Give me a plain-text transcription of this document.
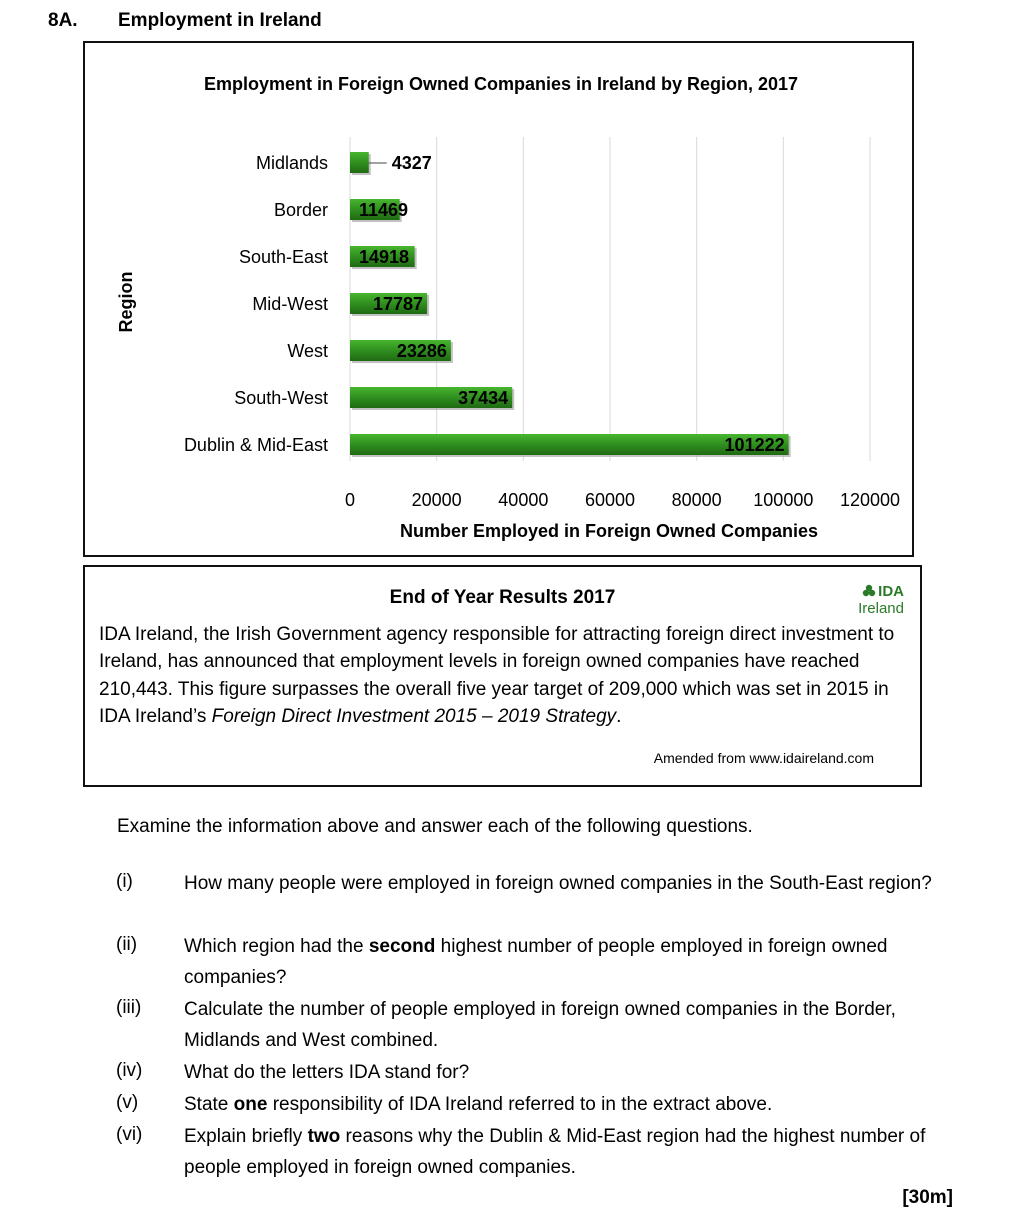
8A. Employment in Ireland
Employment in Foreign Owned Companies in Ireland by Region, 2017
Midlands	4327
Border 11469
South-East 14918
Mid-West	17787
West	23286
South-West	37434
Dublin & Mid-East	101222
0	20000 40000 60000 80000 100000 120000
Number Employed in Foreign Owned Companies
Region
End of Year Results 2017	IDA
Ireland
IDA Ireland, the Irish Government agency responsible for attracting foreign direct investment to Ireland, has announced that employment levels in foreign owned companies have reached 210,443. This figure surpasses the overall five year target of 209,000 which was set in 2015 in IDA Ireland’s Foreign Direct Investment 2015 – 2019 Strategy.
Amended from www.idaireland.com
Examine the information above and answer each of the following questions.
(i)	How many people were employed in foreign owned companies in the South-East region?
(ii) Which region had the second highest number of people employed in foreign owned companies?
(iii) Calculate the number of people employed in foreign owned companies in the Border, Midlands and West combined.
(iv) What do the letters IDA stand for?
(v) State one responsibility of IDA Ireland referred to in the extract above.
(vi) Explain briefly two reasons why the Dublin & Mid-East region had the highest number of people employed in foreign owned companies.
[30m]
